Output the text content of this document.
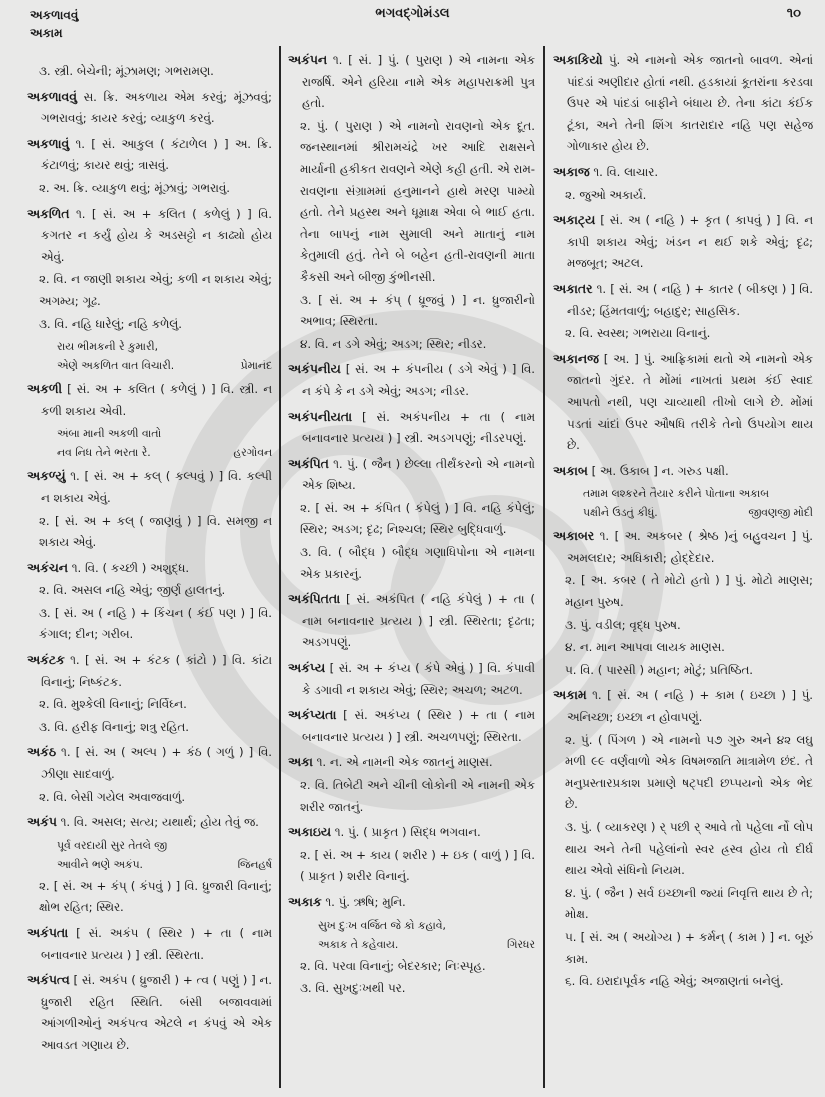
અકળાવવું
અકામ
ભગવદ્ગોમંડલ	૧૦

૩. સ્ત્રી. બેચેની; મૂંઝામણ; ગભરામણ.

અકળાવવું સ. ક્રિ. અકળાય એમ કરવું; મૂંઝવવું; ગભરાવવું; કાયર કરવું; વ્યાકુળ કરવું.

અકળાવું ૧. [ સં. આકુલ ( કંટાળેલ ) ] અ. ક્રિ. કંટાળવું; કાયર થવું; ત્રાસવું.

૨. અ. ક્રિ. વ્યાકુળ થવું; મૂંઝાવું; ગભરાવું.

અકળિત ૧. [ સં. અ + કલિત ( કળેલું ) ] વિ. કગતર ન કર્યું હોય કે અડસટ્ટો ન કાઢ્યો હોય એવું.

૨. વિ. ન જાણી શકાય એવું; કળી ન શકાય એવું; અગમ્ય; ગૂઢ.

૩. વિ. નહિ ધારેલું; નહિ કળેલું.

રાય ભીમકની રે કુમારી,
એણે અકળિત વાત વિચારી.	પ્રેમાનંદ

અકળી [ સં. અ + કલિત ( કળેલું ) ] વિ. સ્ત્રી. ન કળી શકાય એવી.

અંબા માની અકળી વાતો
નવ નિધ તેને ભરતા રે.	હરગોવન

અકળ્યું ૧. [ સં. અ + કલ્ ( કલ્પવું ) ] વિ. કલ્પી ન શકાય એવું.

૨. [ સં. અ + કલ્ ( જાણવું ) ] વિ. સમજી ન શકાય એવું.

અકંચન ૧. વિ. ( કચ્છી ) અશુદ્ધ.

૨. વિ. અસલ નહિ એવું; જીર્ણ હાલતનું.

૩. [ સં. અ ( નહિ ) + કિંચન ( કંઈ પણ ) ] વિ. કંગાલ; દીન; ગરીબ.

અકંટક ૧. [ સં. અ + કંટક ( કાંટો ) ] વિ. કાંટા વિનાનું; નિષ્કંટક.

૨. વિ. મુશ્કેલી વિનાનું; નિર્વિઘ્ન.

૩. વિ. હરીફ વિનાનું; શત્રુ રહિત.

અકંઠ ૧. [ સં. અ ( અલ્પ ) + કંઠ ( ગળું ) ] વિ. ઝીણા સાદવાળું.

૨. વિ. બેસી ગયેલ અવાજવાળું.

અકંપ ૧. વિ. અસલ; સત્ય; યથાર્થ; હોય તેવું જ.

પૂર્વ વરદાયી સુર તેતલે જી
આવીને ભણે અકંપ.	જિનહર્ષ

૨. [ સં. અ + કંપ્ ( કંપવું ) ] વિ. ધ્રુજારી વિનાનું; ક્ષોભ રહિત; સ્થિર.

અકંપતા [ સં. અકંપ ( સ્થિર ) + તા ( નામ બનાવનાર પ્રત્યય ) ] સ્ત્રી. સ્થિરતા.

અકંપત્વ [ સં. અકંપ ( ધ્રુજારી ) + ત્વ ( પણું ) ] ન. ધ્રુજારી રહિત સ્થિતિ. બંસી બજાવવામાં આંગળીઓનું અકંપત્વ એટલે ન કંપવું એ એક આવડત ગણાય છે.

અકંપન ૧. [ સં. ] પું. ( પુરાણ ) એ નામના એક રાજર્ષિ. એને હરિયા નામે એક મહાપરાક્રમી પુત્ર હતો.

૨. પું. ( પુરાણ ) એ નામનો રાવણનો એક દૂત. જનસ્થાનમાં શ્રીરામચંદ્રે ખર આદિ રાક્ષસને માર્યાની હકીકત રાવણને એણે કહી હતી. એ રામ-રાવણના સંગ્રામમાં હનુમાનને હાથે મરણ પામ્યો હતો. તેને પ્રહસ્થ અને ધૂમ્રાક્ષ એવા બે ભાઈ હતા. તેના બાપનું નામ સુમાલી અને માતાનું નામ કેતુમાલી હતું. તેને બે બહેન હતી-રાવણની માતા કૈકસી અને બીજી કુંભીનસી.

૩. [ સં. અ + કંપ્ ( ધ્રૂજવું ) ] ન. ધ્રુજારીનો અભાવ; સ્થિરતા.

૪. વિ. ન ડગે એવું; અડગ; સ્થિર; નીડર.

અકંપનીય [ સં. અ + કંપનીય ( ડગે એવું ) ] વિ. ન કંપે કે ન ડગે એવું; અડગ; નીડર.

અકંપનીયતા [ સં. અકંપનીય + તા ( નામ બનાવનાર પ્રત્યય ) ] સ્ત્રી. અડગપણું; નીડરપણું.

અકંપિત ૧. પું. ( જૈન ) છેલ્લા તીર્થંકરનો એ નામનો એક શિષ્ય.

૨. [ સં. અ + કંપિત ( કંપેલું ) ] વિ. નહિ કંપેલું; સ્થિર; અડગ; દૃઢ; નિશ્ચલ; સ્થિર બુદ્ધિવાળું.

૩. વિ. ( બૌદ્ધ ) બૌદ્ધ ગણાધિપોના એ નામના એક પ્રકારનું.

અકંપિતતા [ સં. અકંપિત ( નહિ કંપેલું ) + તા ( નામ બનાવનાર પ્રત્યય ) ] સ્ત્રી. સ્થિરતા; દૃઢતા; અડગપણું.

અકંપ્ય [ સં. અ + કંપ્ય ( કંપે એવું ) ] વિ. કંપાવી કે ડગાવી ન શકાય એવું; સ્થિર; અચળ; અટળ.

અકંપ્યતા [ સં. અકંપ્ય ( સ્થિર ) + તા ( નામ બનાવનાર પ્રત્યય ) ] સ્ત્રી. અચળપણું; સ્થિરતા.

અકા ૧. ન. એ નામની એક જાતનું માણસ.

૨. વિ. તિબેટી અને ચીની લોકોની એ નામની એક શરીર જાતનું.

અકાઇય ૧. પું. ( પ્રાકૃત ) સિદ્ધ ભગવાન.

૨. [ સં. અ + કાય ( શરીર ) + ઇક ( વાળું ) ] વિ. ( પ્રાકૃત ) શરીર વિનાનું.

અકાક ૧. પું. ઋષિ; મુનિ.

સુખ દુઃખ વર્જિત જે કો કહાવે,
અકાક તે કહેવાય.	ગિરધર

૨. વિ. પરવા વિનાનું; બેદરકાર; નિઃસ્પૃહ.

૩. વિ. સુખદુઃખથી પર.

અકાકિયો પું. એ નામનો એક જાતનો બાવળ. એનાં પાંદડાં અણીદાર હોતાં નથી. હડકાયાં કૂતરાંના કરડવા ઉપર એ પાંદડાં બાફીને બંધાય છે. તેના કાંટા કંઈક ટૂંકા, અને તેની શિંગ કાતરાદાર નહિ પણ સહેજ ગોળાકાર હોય છે.

અકાજ ૧. વિ. લાચાર.

૨. જુઓ અકાર્ય.

અકાટ્ય [ સં. અ ( નહિ ) + કૃત ( કાપવું ) ] વિ. ન કાપી શકાય એવું; ખંડન ન થઈ શકે એવું; દૃઢ; મજબૂત; અટલ.

અકાતર ૧. [ સં. અ ( નહિ ) + કાતર ( બીકણ ) ] વિ. નીડર; હિંમતવાળું; બહાદુર; સાહસિક.

૨. વિ. સ્વસ્થ; ગભરાયા વિનાનું.

અકાનજ [ અ. ] પું. આફ્રિકામાં થતો એ નામનો એક જાતનો ગુંદર. તે મોંમાં નાખતાં પ્રથમ કંઈ સ્વાદ આપતો નથી, પણ ચાવ્યાથી તીખો લાગે છે. મોંમાં પડતાં ચાંદાં ઉપર ઔષધિ તરીકે તેનો ઉપયોગ થાય છે.

અકાબ [ અ. ઉકાબ ] ન. ગરુડ પક્ષી.

તમામ લશ્કરને તૈયાર કરીને પોતાના અકાબ
પક્ષીને ઉડતું કીધું.	જીવણજી મોદી

અકાબર ૧. [ અ. અકબર ( શ્રેષ્ઠ )નું બહુવચન ] પું. અમલદાર; અધિકારી; હોદ્દેદાર.

૨. [ અ. કબર ( તે મોટો હતો ) ] પું. મોટો માણસ; મહાન પુરુષ.

૩. પું. વડીલ; વૃદ્ધ પુરુષ.

૪. ન. માન આપવા લાયક માણસ.

૫. વિ. ( પારસી ) મહાન; મોટું; પ્રતિષ્ઠિત.

અકામ ૧. [ સં. અ ( નહિ ) + કામ ( ઇચ્છા ) ] પું. અનિચ્છા; ઇચ્છા ન હોવાપણું.

૨. પું. ( પિંગળ ) એ નામનો ૫૭ ગુરુ અને ૪૨ લઘુ મળી ૯૯ વર્ણવાળો એક વિષમજાતિ માત્રામેળ છંદ. તે મનુપ્રસ્તારપ્રકાશ પ્રમાણે ષટ્પદી છપ્પયનો એક ભેદ છે.

૩. પું. ( વ્યાકરણ ) ર્ પછી ર્ આવે તો પહેલા ર્નો લોપ થાય અને તેની પહેલાંનો સ્વર હ્રસ્વ હોય તો દીર્ઘ થાય એવો સંધિનો નિયમ.

૪. પું. ( જૈન ) સર્વ ઇચ્છાની જ્યાં નિવૃત્તિ થાય છે તે; મોક્ષ.

૫. [ સં. અ ( અયોગ્ય ) + કર્મન્ ( કામ ) ] ન. બૂરું કામ.

૬. વિ. ઇરાદાપૂર્વક નહિ એવું; અજાણતાં બનેલું.
